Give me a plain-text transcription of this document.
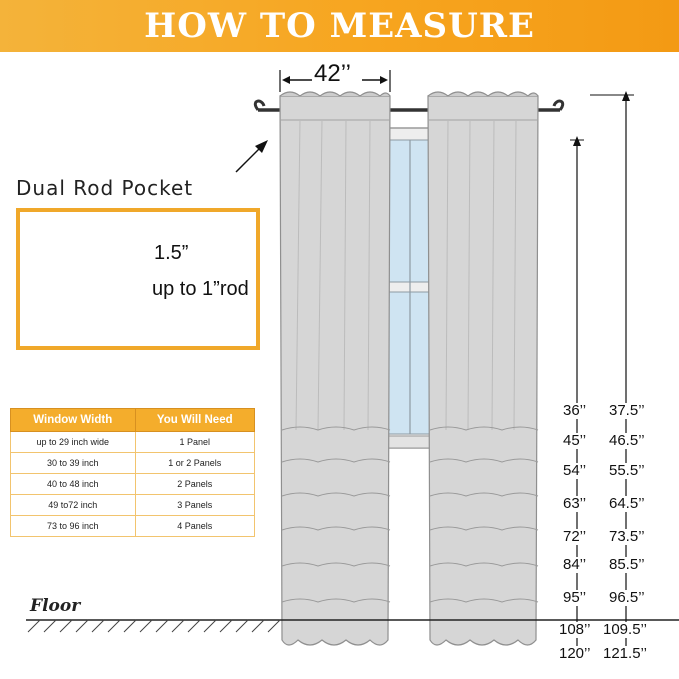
HOW TO MEASURE
42’’
Dual Rod Pocket
1.5”
up to 1”rod
Floor
Window Width	You Will Need
up to 29 inch wide	1 Panel
30 to 39 inch	1 or 2 Panels
40 to 48 inch	2 Panels
49 to72 inch	3 Panels
73 to 96 inch	4 Panels
36’’
45’’
54’’
63’’
72’’
84’’
95’’
108’’
120’’
37.5’’
46.5’’
55.5’’
64.5’’
73.5’’
85.5’’
96.5’’
109.5’’
121.5’’
